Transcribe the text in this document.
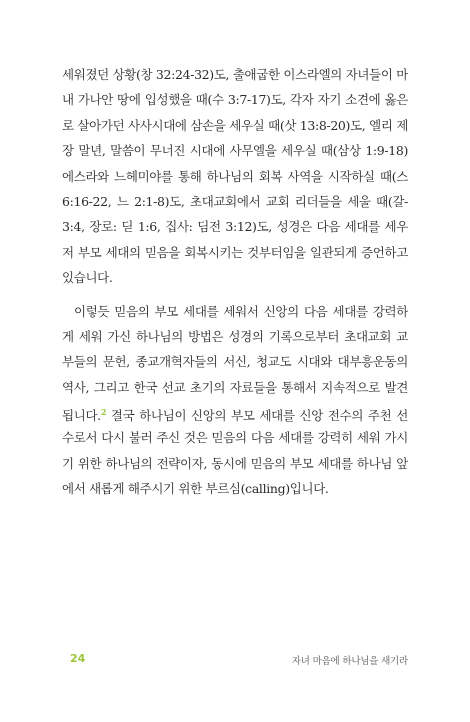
세워졌던 상황(창 32:24-32)도, 출애굽한 이스라엘의 자녀들이 마
내 가나안 땅에 입성했을 때(수 3:7-17)도, 각자 자기 소견에 옳은
로 살아가던 사사시대에 삼손을 세우실 때(삿 13:8-20)도, 엘리 제
장 말년, 말씀이 무너진 시대에 사무엘을 세우실 때(삼상 1:9-18)
에스라와 느헤미야를 통해 하나님의 회복 사역을 시작하실 때(스
6:16-22, 느 2:1-8)도, 초대교회에서 교회 리더들을 세울 때(갈-
3:4, 장로: 딛 1:6, 집사: 딤전 3:12)도, 성경은 다음 세대를 세우
저 부모 세대의 믿음을 회복시키는 것부터임을 일관되게 증언하고
있습니다.
이렇듯 믿음의 부모 세대를 세워서 신앙의 다음 세대를 강력하
게 세워 가신 하나님의 방법은 성경의 기록으로부터 초대교회 교
부들의 문헌, 종교개혁자들의 서신, 청교도 시대와 대부흥운동의
역사, 그리고 한국 선교 초기의 자료들을 통해서 지속적으로 발견
됩니다.$^2$ 결국 하나님이 신앙의 부모 세대를 신앙 전수의 주천 선
수로서 다시 불러 주신 것은 믿음의 다음 세대를 강력히 세워 가시
기 위한 하나님의 전략이자, 동시에 믿음의 부모 세대를 하나님 앞
에서 새롭게 해주시기 위한 부르심(calling)입니다.
24	자녀 마음에 하나님을 새기라
